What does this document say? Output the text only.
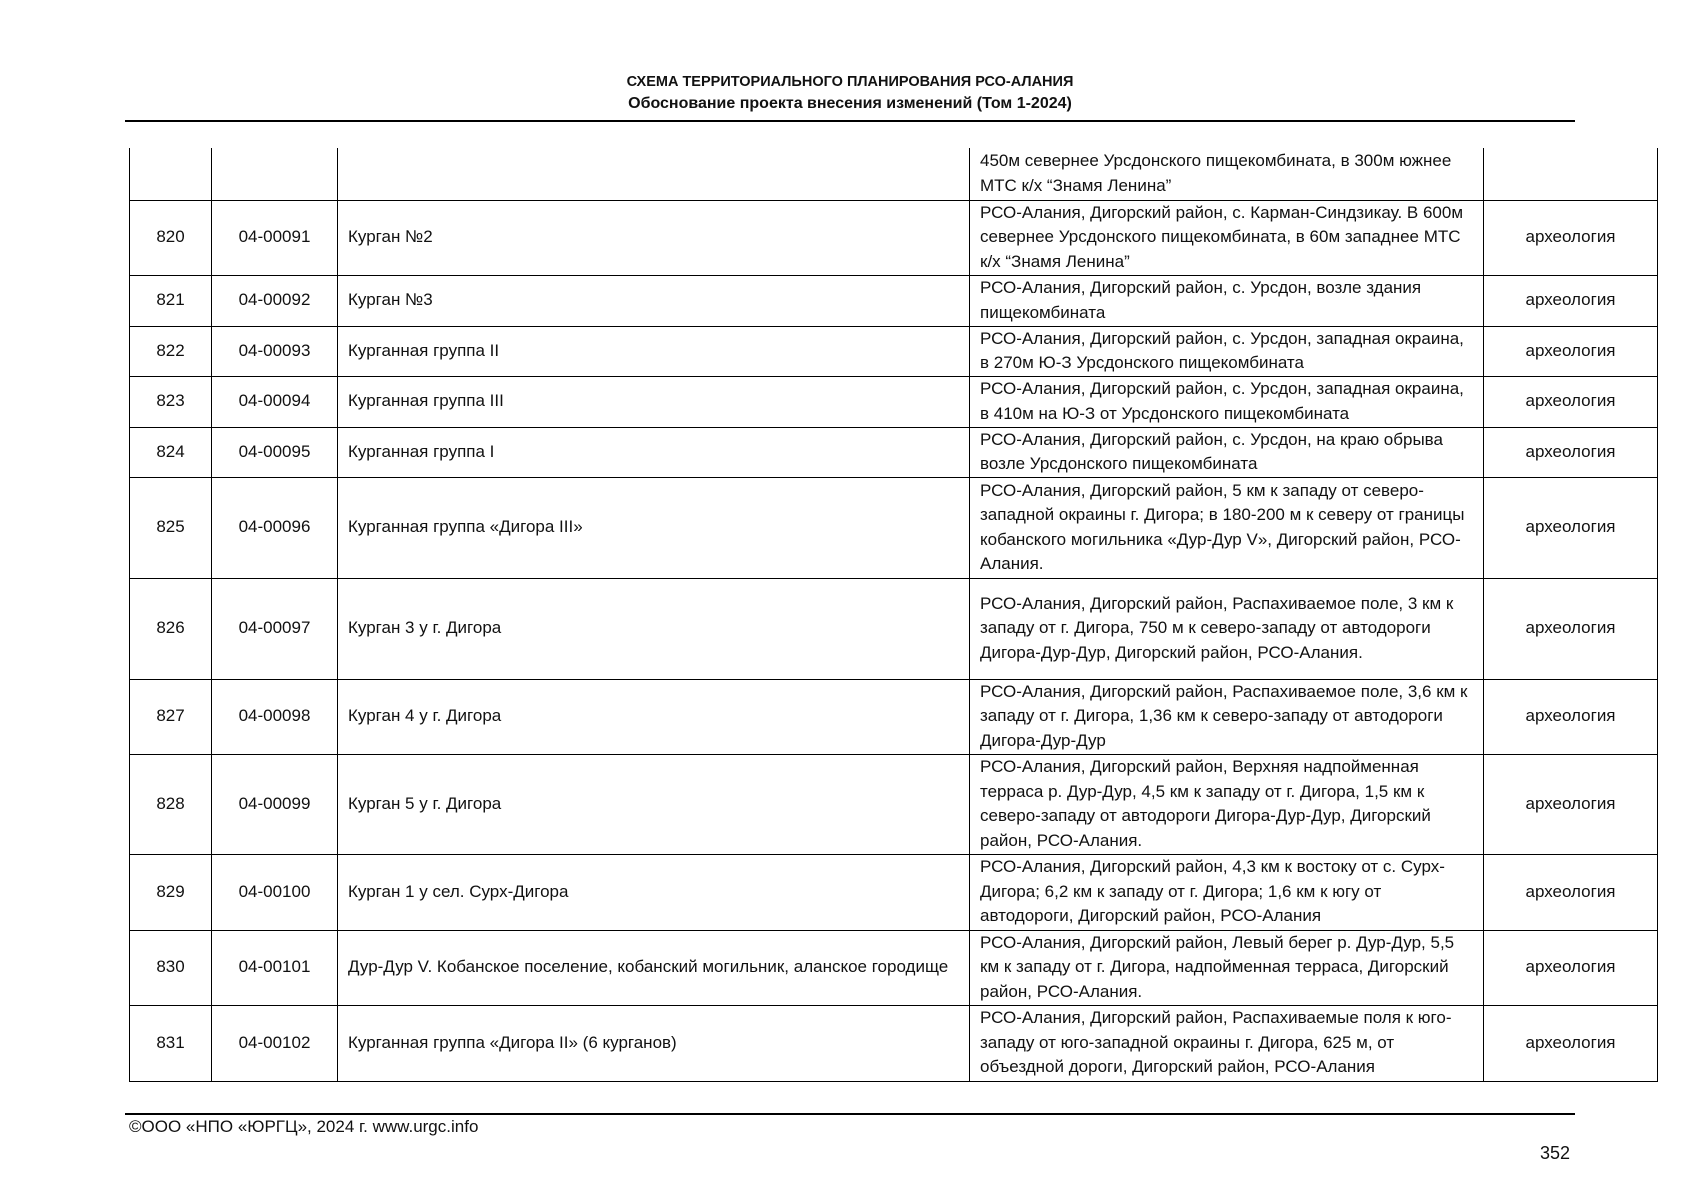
СХЕМА ТЕРРИТОРИАЛЬНОГО ПЛАНИРОВАНИЯ РСО-АЛАНИЯ
Обоснование проекта внесения изменений (Том 1-2024)
			450м севернее Урсдонского пищекомбината, в 300м южнее МТС к/х “Знамя Ленина”	
820	04-00091	Курган №2	РСО-Алания, Дигорский район, с. Карман-Синдзикау. В 600м севернее Урсдонского пищекомбината, в 60м западнее МТС к/х “Знамя Ленина”	археология
821	04-00092	Курган №3	РСО-Алания, Дигорский район, с. Урсдон, возле здания пищекомбината	археология
822	04-00093	Курганная группа II	РСО-Алания, Дигорский район, с. Урсдон, западная окраина, в 270м Ю-З Урсдонского пищекомбината	археология
823	04-00094	Курганная группа III	РСО-Алания, Дигорский район, с. Урсдон, западная окраина, в 410м на Ю-З от Урсдонского пищекомбината	археология
824	04-00095	Курганная группа I	РСО-Алания, Дигорский район, с. Урсдон, на краю обрыва возле Урсдонского пищекомбината	археология
825	04-00096	Курганная группа «Дигора III»	РСО-Алания, Дигорский район, 5 км к западу от северо-западной окраины г. Дигора; в 180-200 м к северу от границы кобанского могильника «Дур-Дур V», Дигорский район, РСО-Алания.	археология
826	04-00097	Курган 3 у г. Дигора	РСО-Алания, Дигорский район, Распахиваемое поле, 3 км к западу от г. Дигора, 750 м к северо-западу от автодороги Дигора-Дур-Дур, Дигорский район, РСО-Алания.	археология
827	04-00098	Курган 4 у г. Дигора	РСО-Алания, Дигорский район, Распахиваемое поле, 3,6 км к западу от г. Дигора, 1,36 км к северо-западу от автодороги Дигора-Дур-Дур	археология
828	04-00099	Курган 5 у г. Дигора	РСО-Алания, Дигорский район, Верхняя надпойменная терраса р. Дур-Дур, 4,5 км к западу от г. Дигора, 1,5 км к северо-западу от автодороги Дигора-Дур-Дур, Дигорский район, РСО-Алания.	археология
829	04-00100	Курган 1 у сел. Сурх-Дигора	РСО-Алания, Дигорский район, 4,3 км к востоку от с. Сурх-Дигора; 6,2 км к западу от г. Дигора; 1,6 км к югу от автодороги, Дигорский район, РСО-Алания	археология
830	04-00101	Дур-Дур V. Кобанское поселение, кобанский могильник, аланское городище	РСО-Алания, Дигорский район, Левый берег р. Дур-Дур, 5,5 км к западу от г. Дигора, надпойменная терраса, Дигорский район, РСО-Алания.	археология
831	04-00102	Курганная группа «Дигора II» (6 курганов)	РСО-Алания, Дигорский район, Распахиваемые поля к юго-западу от юго-западной окраины г. Дигора, 625 м, от объездной дороги, Дигорский район, РСО-Алания	археология
©ООО «НПО «ЮРГЦ», 2024 г. www.urgc.info
352
